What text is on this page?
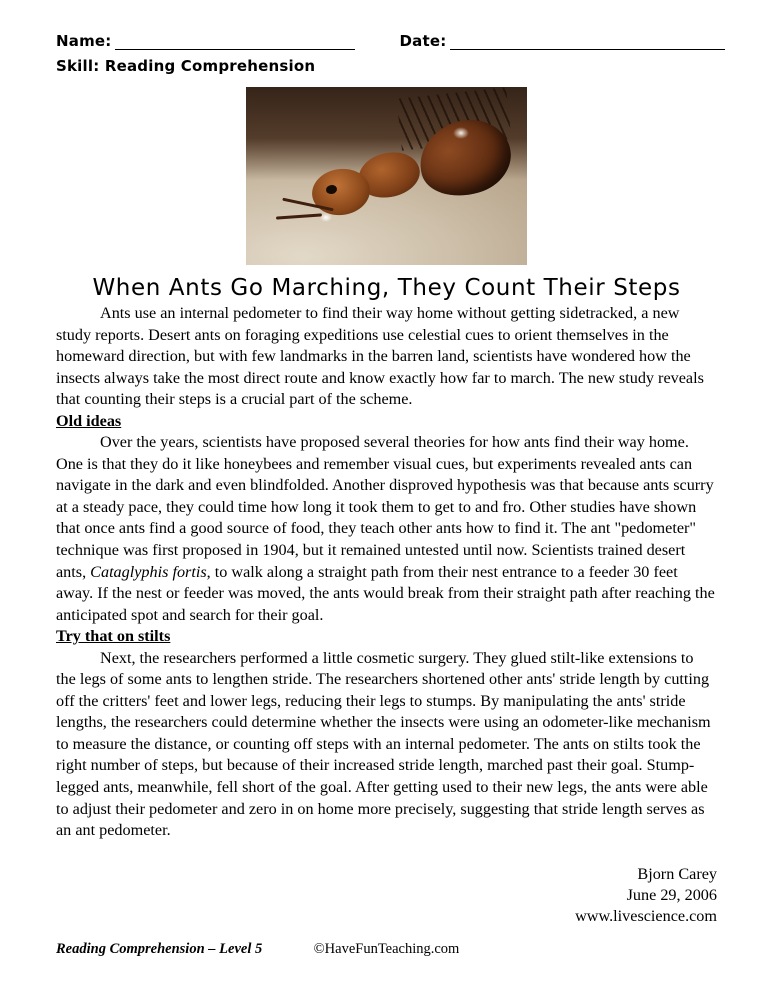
Name:	Date:
Skill: Reading Comprehension
When Ants Go Marching, They Count Their Steps

Ants use an internal pedometer to find their way home without getting sidetracked, a new study reports. Desert ants on foraging expeditions use celestial cues to orient themselves in the homeward direction, but with few landmarks in the barren land, scientists have wondered how the insects always take the most direct route and know exactly how far to march. The new study reveals that counting their steps is a crucial part of the scheme.

Old ideas

Over the years, scientists have proposed several theories for how ants find their way home. One is that they do it like honeybees and remember visual cues, but experiments revealed ants can navigate in the dark and even blindfolded. Another disproved hypothesis was that because ants scurry at a steady pace, they could time how long it took them to get to and fro. Other studies have shown that once ants find a good source of food, they teach other ants how to find it. The ant "pedometer" technique was first proposed in 1904, but it remained untested until now. Scientists trained desert ants, Cataglyphis fortis, to walk along a straight path from their nest entrance to a feeder 30 feet away. If the nest or feeder was moved, the ants would break from their straight path after reaching the anticipated spot and search for their goal.

Try that on stilts

Next, the researchers performed a little cosmetic surgery. They glued stilt-like extensions to the legs of some ants to lengthen stride. The researchers shortened other ants' stride length by cutting off the critters' feet and lower legs, reducing their legs to stumps. By manipulating the ants' stride lengths, the researchers could determine whether the insects were using an odometer-like mechanism to measure the distance, or counting off steps with an internal pedometer. The ants on stilts took the right number of steps, but because of their increased stride length, marched past their goal. Stump-legged ants, meanwhile, fell short of the goal. After getting used to their new legs, the ants were able to adjust their pedometer and zero in on home more precisely, suggesting that stride length serves as an ant pedometer.

Bjorn Carey
June 29, 2006
www.livescience.com
Reading Comprehension – Level 5	©HaveFunTeaching.com
